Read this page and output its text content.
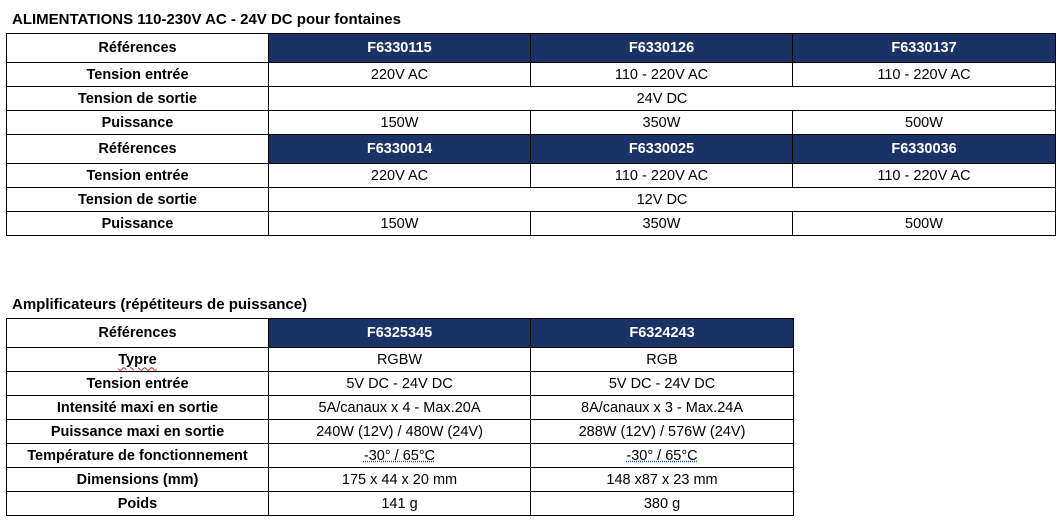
ALIMENTATIONS 110-230V AC - 24V DC pour fontaines
Références	F6330115	F6330126	F6330137
Tension entrée	220V AC	110 - 220V AC	110 - 220V AC
Tension de sortie	24V DC		
Puissance	150W	350W	500W
Références	F6330014	F6330025	F6330036
Tension entrée	220V AC	110 - 220V AC	110 - 220V AC
Tension de sortie	12V DC		
Puissance	150W	350W	500W
Amplificateurs (répétiteurs de puissance)
Références	F6325345	F6324243
Typre	RGBW	RGB
Tension entrée	5V DC - 24V DC	5V DC - 24V DC
Intensité maxi en sortie	5A/canaux x 4 - Max.20A	8A/canaux x 3 - Max.24A
Puissance maxi en sortie	240W (12V) / 480W (24V)	288W (12V) / 576W (24V)
Température de fonctionnement	-30° / 65°C	-30° / 65°C
Dimensions (mm)	175 x 44 x 20 mm	148 x87 x 23 mm
Poids	141 g	380 g
